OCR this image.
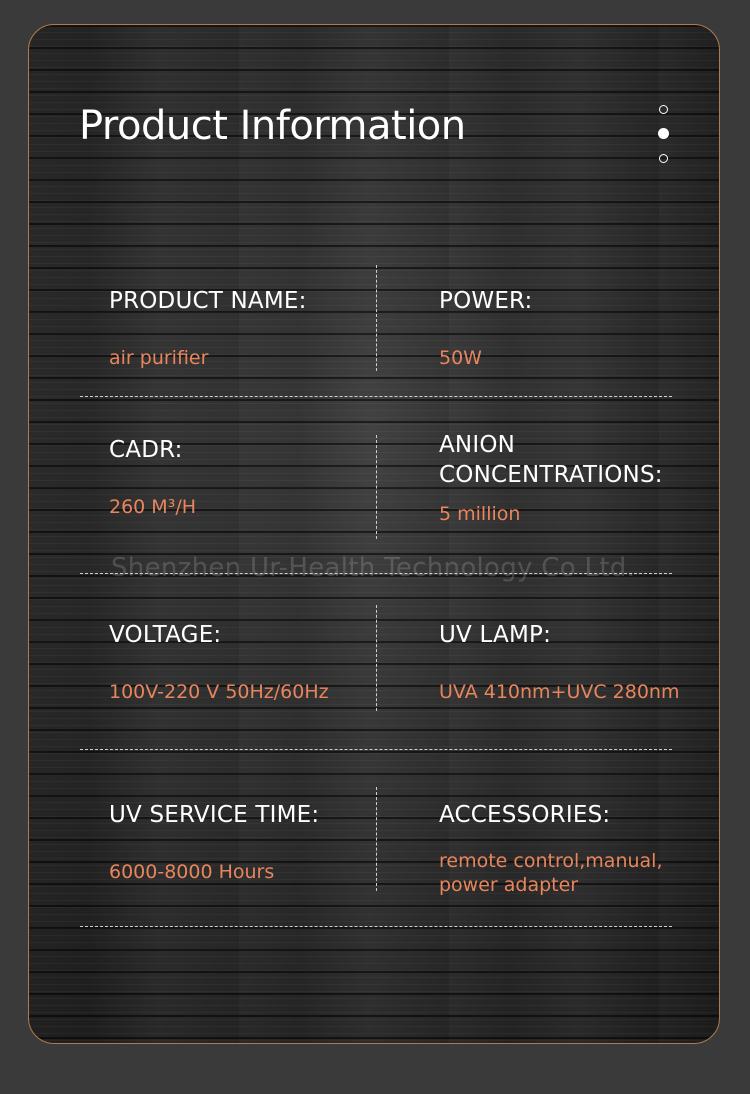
Product Information
Shenzhen Ur-Health Technology Co Ltd.
PRODUCT NAME:
air purifier
POWER:
50W
CADR:
260 M³/H
ANION
CONCENTRATIONS:
5 million
VOLTAGE:
100V-220 V 50Hz/60Hz
UV LAMP:
UVA 410nm+UVC 280nm
UV SERVICE TIME:
6000-8000 Hours
ACCESSORIES:
remote control,manual,
power adapter
